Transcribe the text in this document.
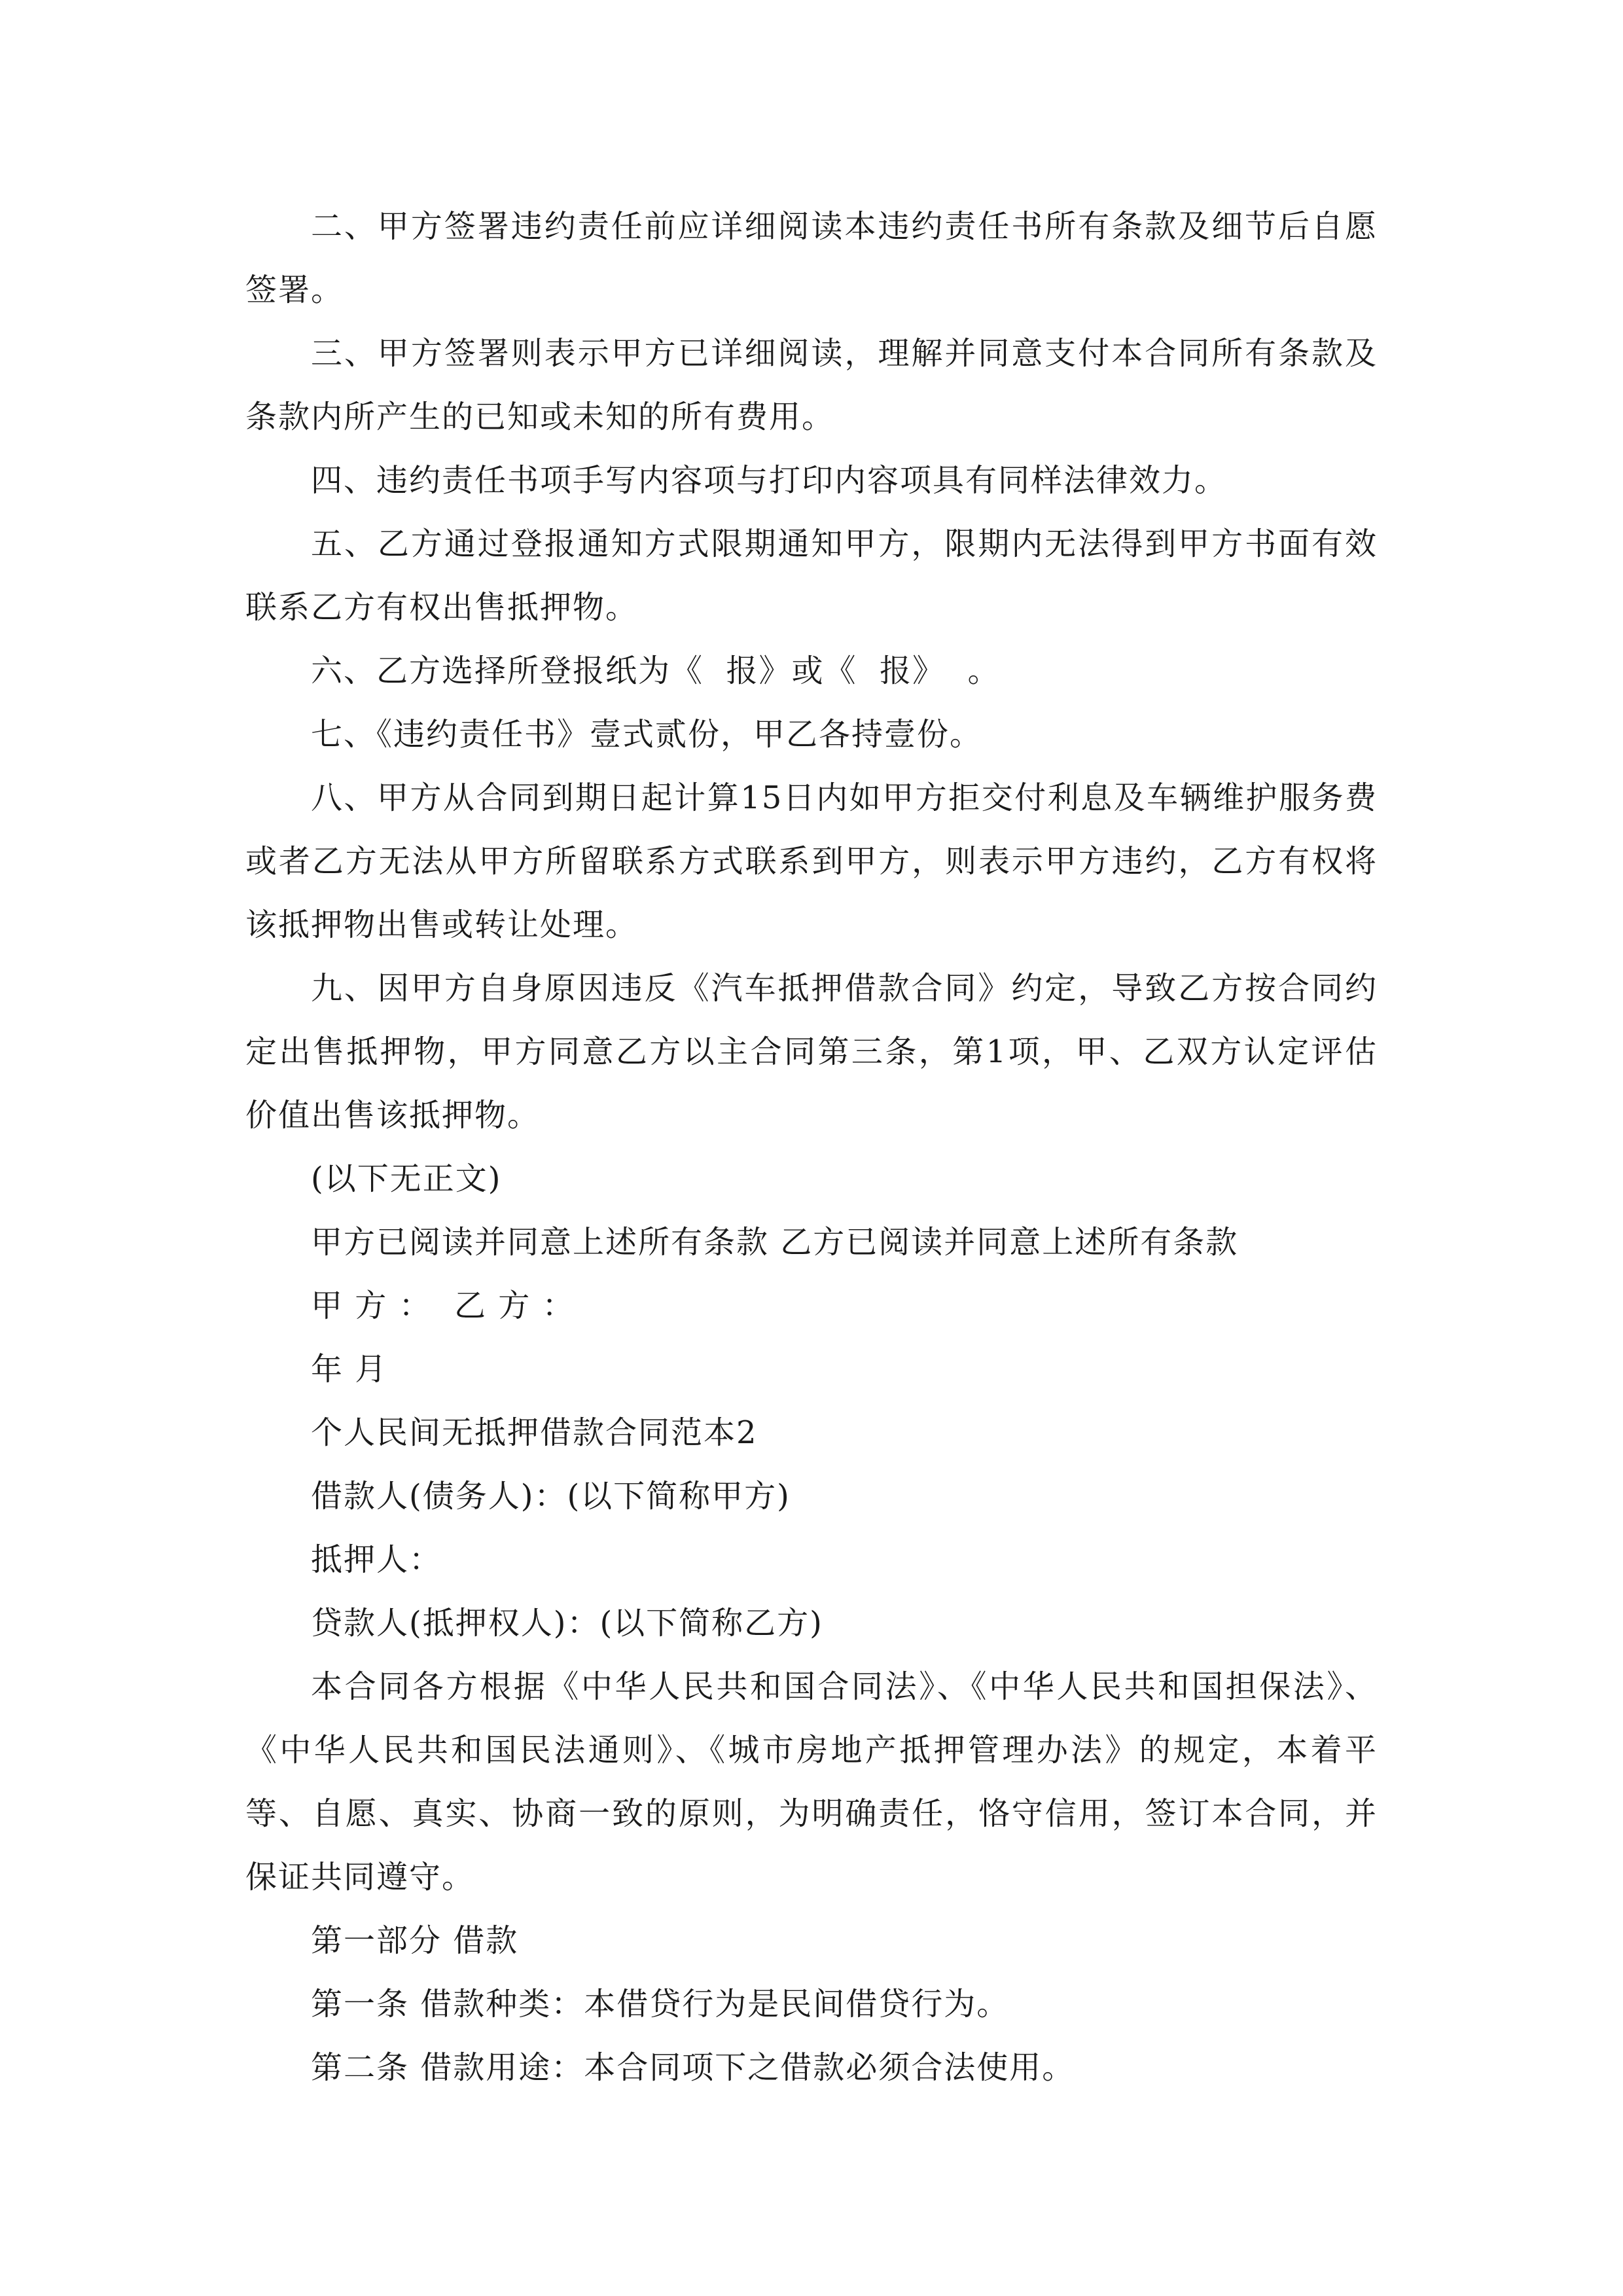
二、甲方签署违约责任前应详细阅读本违约责任书所有条款及细节后自愿签署。

三、甲方签署则表示甲方已详细阅读，理解并同意支付本合同所有条款及条款内所产生的已知或未知的所有费用。

四、违约责任书项手写内容项与打印内容项具有同样法律效力。

五、乙方通过登报通知方式限期通知甲方，限期内无法得到甲方书面有效联系乙方有权出售抵押物。

六、乙方选择所登报纸为《  报》或《  报》  。

七、《违约责任书》壹式贰份，甲乙各持壹份。

八、甲方从合同到期日起计算15日内如甲方拒交付利息及车辆维护服务费或者乙方无法从甲方所留联系方式联系到甲方，则表示甲方违约，乙方有权将该抵押物出售或转让处理。

九、因甲方自身原因违反《汽车抵押借款合同》约定，导致乙方按合同约定出售抵押物，甲方同意乙方以主合同第三条，第1项，甲、乙双方认定评估价值出售该抵押物。

(以下无正文)

甲方已阅读并同意上述所有条款 乙方已阅读并同意上述所有条款

甲 方 ：  乙 方 ：

年 月

个人民间无抵押借款合同范本2

借款人(债务人)：(以下简称甲方)

抵押人：

贷款人(抵押权人)：(以下简称乙方)

本合同各方根据《中华人民共和国合同法》、《中华人民共和国担保法》、《中华人民共和国民法通则》、《城市房地产抵押管理办法》的规定，本着平等、自愿、真实、协商一致的原则，为明确责任，恪守信用，签订本合同，并保证共同遵守。

第一部分 借款

第一条 借款种类：本借贷行为是民间借贷行为。

第二条 借款用途：本合同项下之借款必须合法使用。
